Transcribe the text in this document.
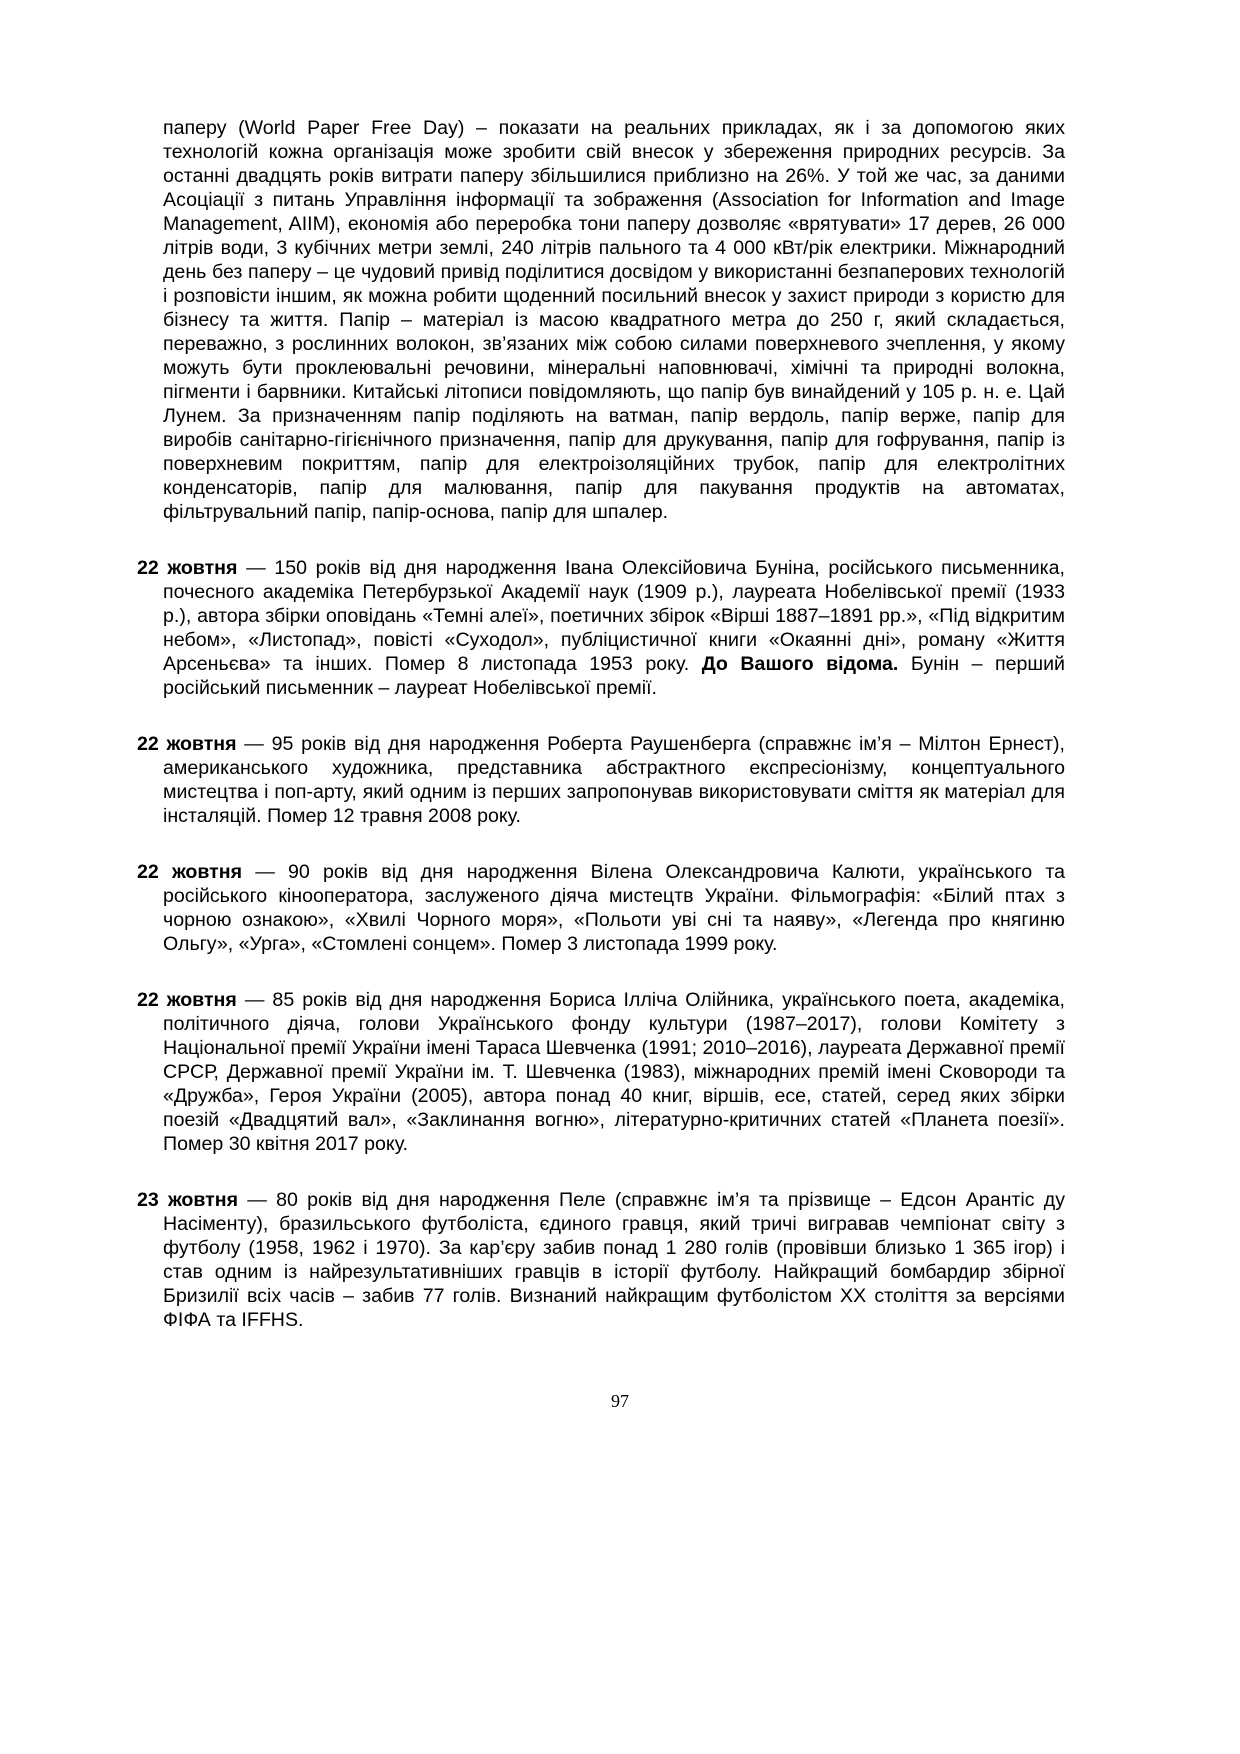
паперу (World Paper Free Day) – показати на реальних прикладах, як і за допомогою яких технологій кожна організація може зробити свій внесок у збереження природних ресурсів. За останні двадцять років витрати паперу збільшилися приблизно на 26%. У той же час, за даними Асоціації з питань Управління інформації та зображення (Association for Information and Image Management, AIIM), економія або переробка тони паперу дозволяє «врятувати» 17 дерев, 26 000 літрів води, 3 кубічних метри землі, 240 літрів пального та 4 000 кВт/рік електрики. Міжнародний день без паперу – це чудовий привід поділитися досвідом у використанні безпаперових технологій і розповісти іншим, як можна робити щоденний посильний внесок у захист природи з користю для бізнесу та життя. Папір – матеріал із масою квадратного метра до 250 г, який складається, переважно, з рослинних волокон, зв’язаних між собою силами поверхневого зчеплення, у якому можуть бути проклеювальні речовини, мінеральні наповнювачі, хімічні та природні волокна, пігменти і барвники. Китайські літописи повідомляють, що папір був винайдений у 105 р. н. е. Цай Лунем. За призначенням папір поділяють на ватман, папір вердоль, папір верже, папір для виробів санітарно-гігієнічного призначення, папір для друкування, папір для гофрування, папір із поверхневим покриттям, папір для електроізоляційних трубок, папір для електролітних конденсаторів, папір для малювання, папір для пакування продуктів на автоматах, фільтрувальний папір, папір-основа, папір для шпалер.

22 жовтня — 150 років від дня народження Івана Олексійовича Буніна, російського письменника, почесного академіка Петербурзької Академії наук (1909 р.), лауреата Нобелівської премії (1933 р.), автора збірки оповідань «Темні алеї», поетичних збірок «Вірші 1887–1891 рр.», «Під відкритим небом», «Листопад», повісті «Суходол», публіцистичної книги «Окаянні дні», роману «Життя Арсеньєва» та інших. Помер 8 листопада 1953 року. До Вашого відома. Бунін – перший російський письменник – лауреат Нобелівської премії.

22 жовтня — 95 років від дня народження Роберта Раушенберга (справжнє ім’я – Мілтон Ернест), американського художника, представника абстрактного експресіонізму, концептуального мистецтва і поп-арту, який одним із перших запропонував використовувати сміття як матеріал для інсталяцій. Помер 12 травня 2008 року.

22 жовтня — 90 років від дня народження Вілена Олександровича Калюти, українського та російського кінооператора, заслуженого діяча мистецтв України. Фільмографія: «Білий птах з чорною ознакою», «Хвилі Чорного моря», «Польоти уві сні та наяву», «Легенда про княгиню Ольгу», «Урга», «Стомлені сонцем». Помер 3 листопада 1999 року.

22 жовтня — 85 років від дня народження Бориса Ілліча Олійника, українського поета, академіка, політичного діяча, голови Українського фонду культури (1987–2017), голови Комітету з Національної премії України імені Тараса Шевченка (1991; 2010–2016), лауреата Державної премії СРСР, Державної премії України ім. Т. Шевченка (1983), міжнародних премій імені Сковороди та «Дружба», Героя України (2005), автора понад 40 книг, віршів, есе, статей, серед яких збірки поезій «Двадцятий вал», «Заклинання вогню», літературно-критичних статей «Планета поезії». Помер 30 квітня 2017 року.

23 жовтня — 80 років від дня народження Пеле (справжнє ім’я та прізвище – Едсон Арантіс ду Насіменту), бразильського футболіста, єдиного гравця, який тричі вигравав чемпіонат світу з футболу (1958, 1962 і 1970). За кар’єру забив понад 1 280 голів (провівши близько 1 365 ігор) і став одним із найрезультативніших гравців в історії футболу. Найкращий бомбардир збірної Бризилії всіх часів – забив 77 голів. Визнаний найкращим футболістом ХХ століття за версіями ФІФА та IFFHS.

97
